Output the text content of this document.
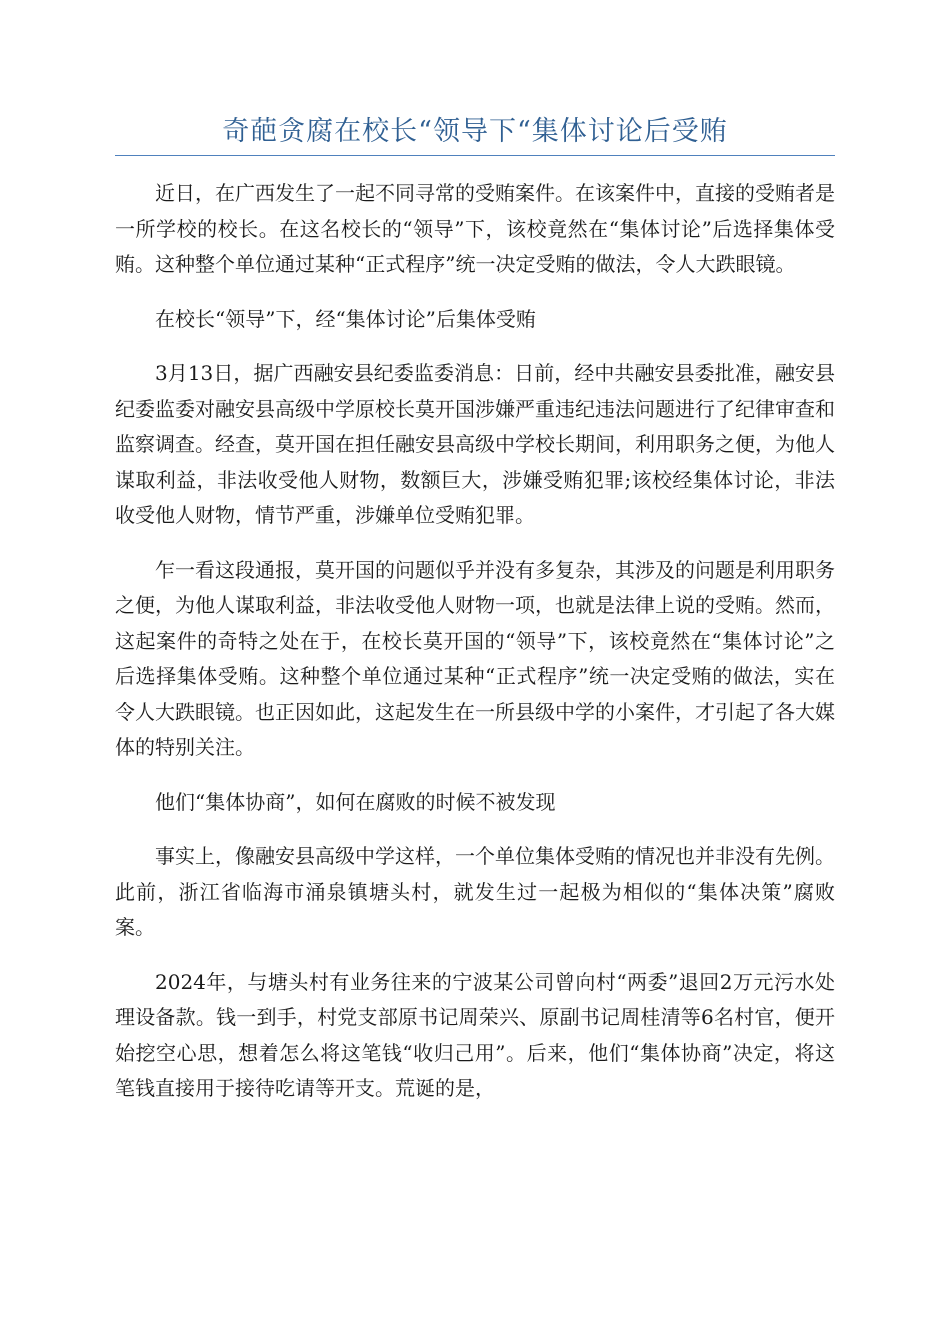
奇葩贪腐在校长“领导下“集体讨论后受贿

近日，在广西发生了一起不同寻常的受贿案件。在该案件中，直接的受贿者是一所学校的校长。在这名校长的“领导”下，该校竟然在“集体讨论”后选择集体受贿。这种整个单位通过某种“正式程序”统一决定受贿的做法，令人大跌眼镜。

在校长“领导”下，经“集体讨论”后集体受贿

3月13日，据广西融安县纪委监委消息：日前，经中共融安县委批准，融安县纪委监委对融安县高级中学原校长莫开国涉嫌严重违纪违法问题进行了纪律审查和监察调查。经查，莫开国在担任融安县高级中学校长期间，利用职务之便，为他人谋取利益，非法收受他人财物，数额巨大，涉嫌受贿犯罪;该校经集体讨论，非法收受他人财物，情节严重，涉嫌单位受贿犯罪。

乍一看这段通报，莫开国的问题似乎并没有多复杂，其涉及的问题是利用职务之便，为他人谋取利益，非法收受他人财物一项，也就是法律上说的受贿。然而，这起案件的奇特之处在于，在校长莫开国的“领导”下，该校竟然在“集体讨论”之后选择集体受贿。这种整个单位通过某种“正式程序”统一决定受贿的做法，实在令人大跌眼镜。也正因如此，这起发生在一所县级中学的小案件，才引起了各大媒体的特别关注。

他们“集体协商”，如何在腐败的时候不被发现

事实上，像融安县高级中学这样，一个单位集体受贿的情况也并非没有先例。此前，浙江省临海市涌泉镇塘头村，就发生过一起极为相似的“集体决策”腐败案。

2024年，与塘头村有业务往来的宁波某公司曾向村“两委”退回2万元污水处理设备款。钱一到手，村党支部原书记周荣兴、原副书记周桂清等6名村官，便开始挖空心思，想着怎么将这笔钱“收归己用”。后来，他们“集体协商”决定，将这笔钱直接用于接待吃请等开支。荒诞的是，
